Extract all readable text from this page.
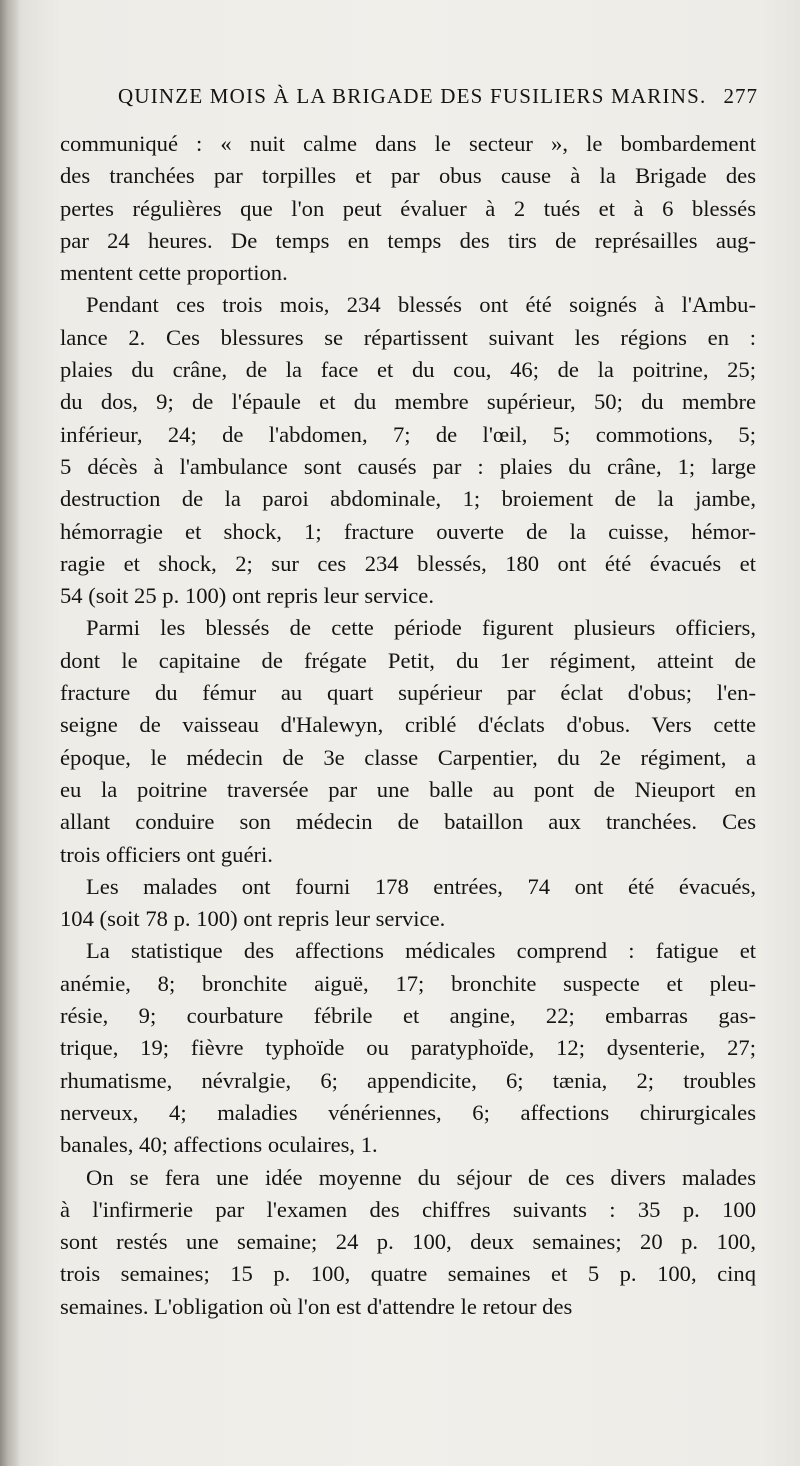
QUINZE MOIS À LA BRIGADE DES FUSILIERS MARINS. 277
communiqué : « nuit calme dans le secteur », le bombardement
des tranchées par torpilles et par obus cause à la Brigade des
pertes régulières que l'on peut évaluer à 2 tués et à 6 blessés
par 24 heures. De temps en temps des tirs de représailles aug-
mentent cette proportion.
Pendant ces trois mois, 234 blessés ont été soignés à l'Ambu-
lance 2. Ces blessures se répartissent suivant les régions en :
plaies du crâne, de la face et du cou, 46; de la poitrine, 25;
du dos, 9; de l'épaule et du membre supérieur, 50; du membre
inférieur, 24; de l'abdomen, 7; de l'œil, 5; commotions, 5;
5 décès à l'ambulance sont causés par : plaies du crâne, 1; large
destruction de la paroi abdominale, 1; broiement de la jambe,
hémorragie et shock, 1; fracture ouverte de la cuisse, hémor-
ragie et shock, 2; sur ces 234 blessés, 180 ont été évacués et
54 (soit 25 p. 100) ont repris leur service.
Parmi les blessés de cette période figurent plusieurs officiers,
dont le capitaine de frégate Petit, du 1er régiment, atteint de
fracture du fémur au quart supérieur par éclat d'obus; l'en-
seigne de vaisseau d'Halewyn, criblé d'éclats d'obus. Vers cette
époque, le médecin de 3e classe Carpentier, du 2e régiment, a
eu la poitrine traversée par une balle au pont de Nieuport en
allant conduire son médecin de bataillon aux tranchées. Ces
trois officiers ont guéri.
Les malades ont fourni 178 entrées, 74 ont été évacués,
104 (soit 78 p. 100) ont repris leur service.
La statistique des affections médicales comprend : fatigue et
anémie, 8; bronchite aiguë, 17; bronchite suspecte et pleu-
résie, 9; courbature fébrile et angine, 22; embarras gas-
trique, 19; fièvre typhoïde ou paratyphoïde, 12; dysenterie, 27;
rhumatisme, névralgie, 6; appendicite, 6; tænia, 2; troubles
nerveux, 4; maladies vénériennes, 6; affections chirurgicales
banales, 40; affections oculaires, 1.
On se fera une idée moyenne du séjour de ces divers malades
à l'infirmerie par l'examen des chiffres suivants : 35 p. 100
sont restés une semaine; 24 p. 100, deux semaines; 20 p. 100,
trois semaines; 15 p. 100, quatre semaines et 5 p. 100, cinq
semaines. L'obligation où l'on est d'attendre le retour des
